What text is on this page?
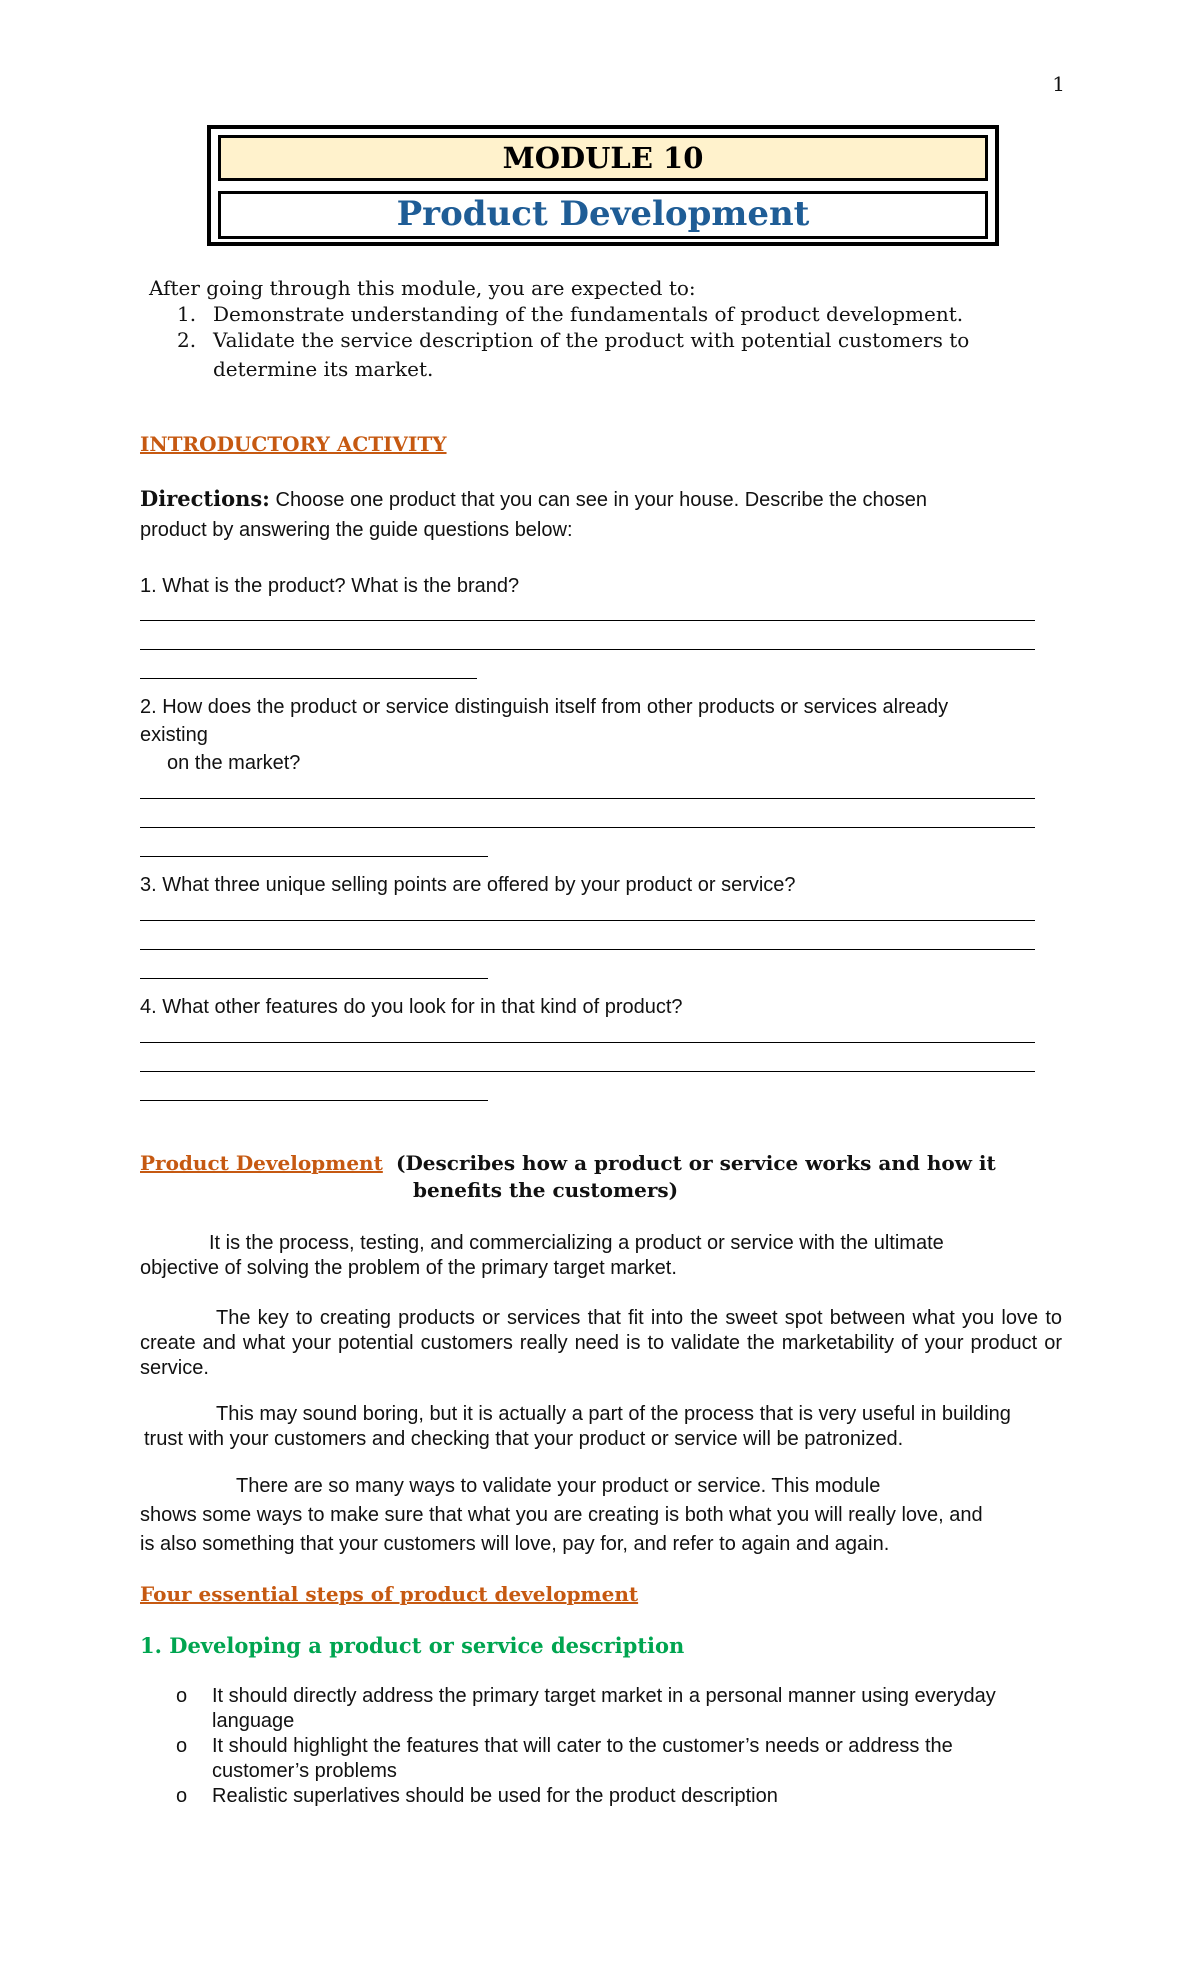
1
MODULE 10
Product Development
After going through this module, you are expected to:
1. Demonstrate understanding of the fundamentals of product development.
2. Validate the service description of the product with potential customers to
determine its market.
INTRODUCTORY ACTIVITY
Directions: Choose one product that you can see in your house. Describe the chosen
product by answering the guide questions below:
1. What is the product? What is the brand?
2. How does the product or service distinguish itself from other products or services already
existing
on the market?
3. What three unique selling points are offered by your product or service?
4. What other features do you look for in that kind of product?
Product Development (Describes how a product or service works and how it
benefits the customers)
It is the process, testing, and commercializing a product or service with the ultimate
objective of solving the problem of the primary target market.
The key to creating products or services that fit into the sweet spot between what you love to create and what your potential customers really need is to validate the marketability of your product or service.
This may sound boring, but it is actually a part of the process that is very useful in building
trust with your customers and checking that your product or service will be patronized.
There are so many ways to validate your product or service. This module
shows some ways to make sure that what you are creating is both what you will really love, and
is also something that your customers will love, pay for, and refer to again and again.
Four essential steps of product development
1. Developing a product or service description
o It should directly address the primary target market in a personal manner using everyday
language
o It should highlight the features that will cater to the customer’s needs or address the
customer’s problems
o Realistic superlatives should be used for the product description
